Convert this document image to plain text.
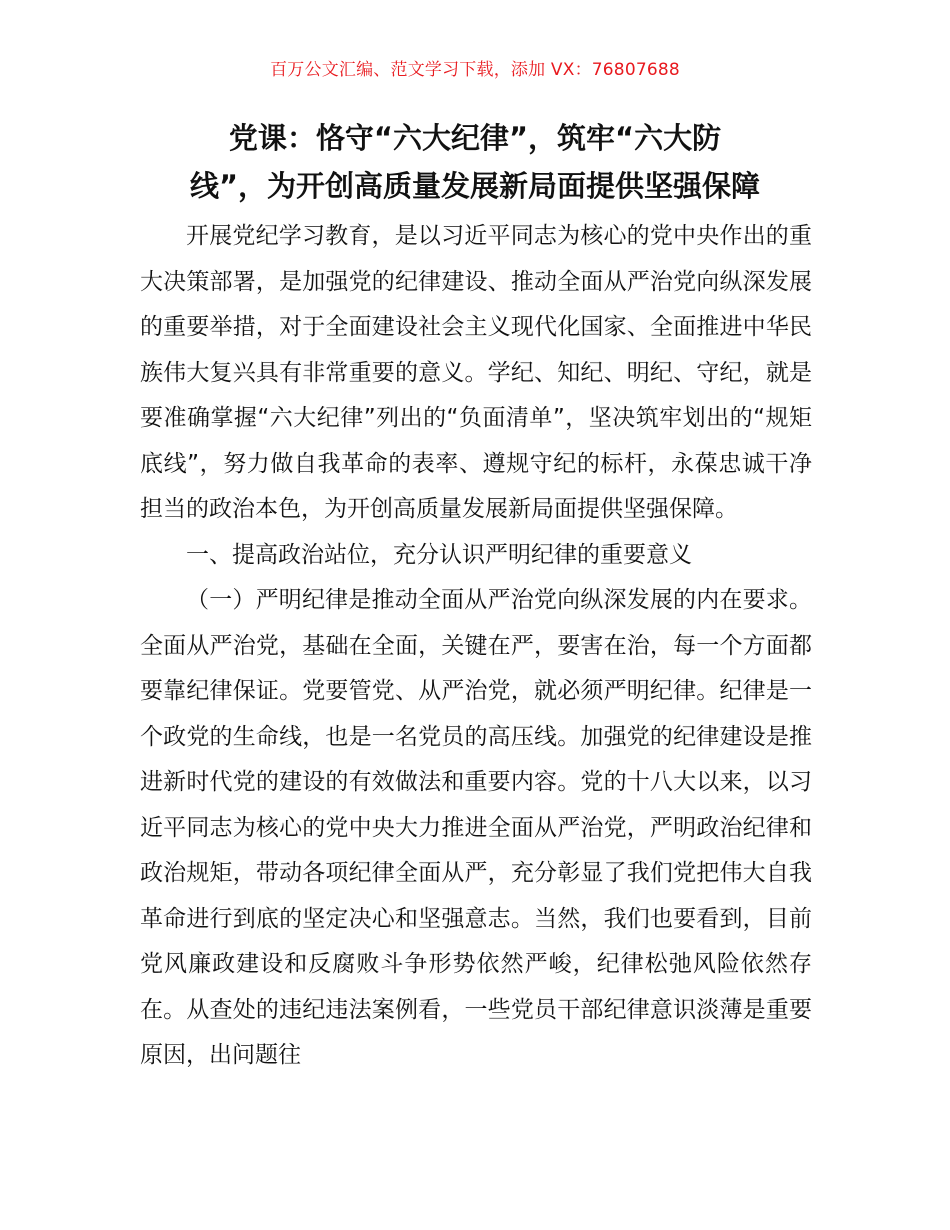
百万公文汇编、范文学习下载，添加 VX：76807688
党课：恪守“六大纪律”，筑牢“六大防
线”，为开创高质量发展新局面提供坚强保障

开展党纪学习教育，是以习近平同志为核心的党中央作出的重大决策部署，是加强党的纪律建设、推动全面从严治党向纵深发展的重要举措，对于全面建设社会主义现代化国家、全面推进中华民族伟大复兴具有非常重要的意义。学纪、知纪、明纪、守纪，就是要准确掌握“六大纪律”列出的“负面清单”，坚决筑牢划出的“规矩底线”，努力做自我革命的表率、遵规守纪的标杆，永葆忠诚干净担当的政治本色，为开创高质量发展新局面提供坚强保障。

一、提高政治站位，充分认识严明纪律的重要意义

（一）严明纪律是推动全面从严治党向纵深发展的内在要求。全面从严治党，基础在全面，关键在严，要害在治，每一个方面都要靠纪律保证。党要管党、从严治党，就必须严明纪律。纪律是一个政党的生命线，也是一名党员的高压线。加强党的纪律建设是推进新时代党的建设的有效做法和重要内容。党的十八大以来，以习近平同志为核心的党中央大力推进全面从严治党，严明政治纪律和政治规矩，带动各项纪律全面从严，充分彰显了我们党把伟大自我革命进行到底的坚定决心和坚强意志。当然，我们也要看到，目前党风廉政建设和反腐败斗争形势依然严峻，纪律松弛风险依然存在。从查处的违纪违法案例看，一些党员干部纪律意识淡薄是重要原因，出问题往
